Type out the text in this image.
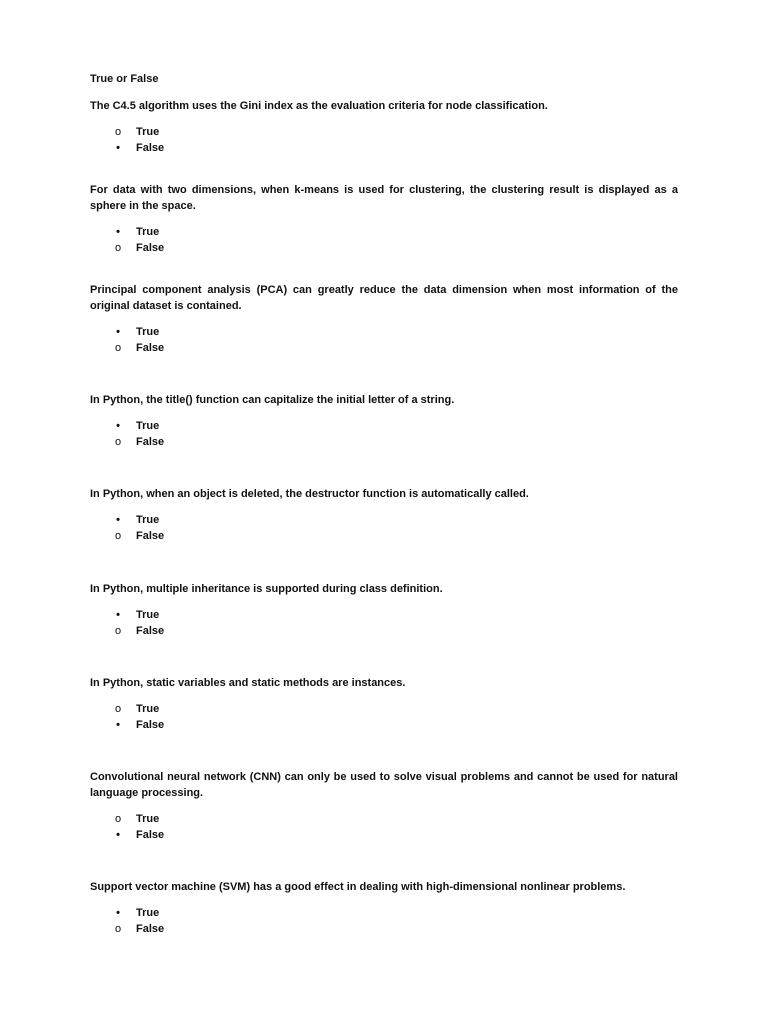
True or False
The C4.5 algorithm uses the Gini index as the evaluation criteria for node classification.
o True
•	False
For data with two dimensions, when k-means is used for clustering, the clustering result is displayed as a sphere in the space.
•	True
o False
Principal component analysis (PCA) can greatly reduce the data dimension when most information of the original dataset is contained.
•	True
o False
In Python, the title() function can capitalize the initial letter of a string.
•	True
o False
In Python, when an object is deleted, the destructor function is automatically called.
•	True
o False
In Python, multiple inheritance is supported during class definition.
•	True
o False
In Python, static variables and static methods are instances.
o True
•	False
Convolutional neural network (CNN) can only be used to solve visual problems and cannot be used for natural language processing.
o True
•	False
Support vector machine (SVM) has a good effect in dealing with high-dimensional nonlinear problems.
•	True
o False
